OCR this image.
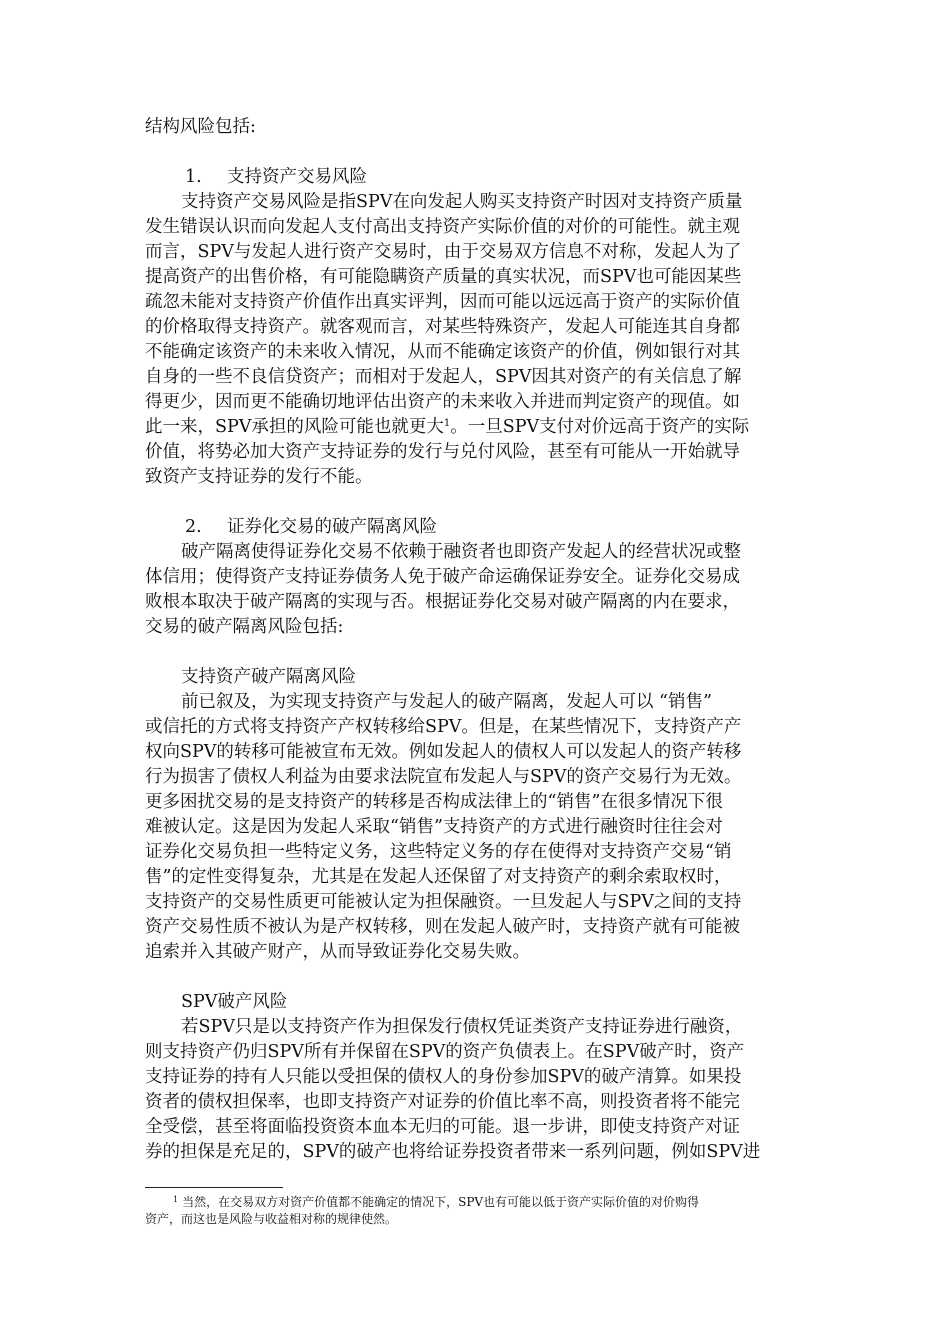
结构风险包括:
1. 支持资产交易风险
支持资产交易风险是指SPV在向发起人购买支持资产时因对支持资产质量
发生错误认识而向发起人支付高出支持资产实际价值的对价的可能性。就主观
而言，SPV与发起人进行资产交易时，由于交易双方信息不对称，发起人为了
提高资产的出售价格，有可能隐瞒资产质量的真实状况，而SPV也可能因某些
疏忽未能对支持资产价值作出真实评判，因而可能以远远高于资产的实际价值
的价格取得支持资产。就客观而言，对某些特殊资产，发起人可能连其自身都
不能确定该资产的未来收入情况，从而不能确定该资产的价值，例如银行对其
自身的一些不良信贷资产；而相对于发起人，SPV因其对资产的有关信息了解
得更少，因而更不能确切地评估出资产的未来收入并进而判定资产的现值。如
此一来，SPV承担的风险可能也就更大$^1$。一旦SPV支付对价远高于资产的实际
价值，将势必加大资产支持证券的发行与兑付风险，甚至有可能从一开始就导
致资产支持证券的发行不能。
2. 证券化交易的破产隔离风险
破产隔离使得证券化交易不依赖于融资者也即资产发起人的经营状况或整
体信用；使得资产支持证券债务人免于破产命运确保证券安全。证券化交易成
败根本取决于破产隔离的实现与否。根据证券化交易对破产隔离的内在要求，
交易的破产隔离风险包括:
支持资产破产隔离风险
前已叙及，为实现支持资产与发起人的破产隔离，发起人可以 “销售”
或信托的方式将支持资产产权转移给SPV。但是，在某些情况下，支持资产产
权向SPV的转移可能被宣布无效。例如发起人的债权人可以发起人的资产转移
行为损害了债权人利益为由要求法院宣布发起人与SPV的资产交易行为无效。
更多困扰交易的是支持资产的转移是否构成法律上的“销售”在很多情况下很
难被认定。这是因为发起人采取“销售”支持资产的方式进行融资时往往会对
证券化交易负担一些特定义务，这些特定义务的存在使得对支持资产交易“销
售”的定性变得复杂，尤其是在发起人还保留了对支持资产的剩余索取权时，
支持资产的交易性质更可能被认定为担保融资。一旦发起人与SPV之间的支持
资产交易性质不被认为是产权转移，则在发起人破产时，支持资产就有可能被
追索并入其破产财产，从而导致证券化交易失败。
SPV破产风险
若SPV只是以支持资产作为担保发行债权凭证类资产支持证券进行融资，
则支持资产仍归SPV所有并保留在SPV的资产负债表上。在SPV破产时，资产
支持证券的持有人只能以受担保的债权人的身份参加SPV的破产清算。如果投
资者的债权担保率，也即支持资产对证券的价值比率不高，则投资者将不能完
全受偿，甚至将面临投资资本血本无归的可能。退一步讲，即使支持资产对证
券的担保是充足的，SPV的破产也将给证券投资者带来一系列问题，例如SPV进
$^1$ 当然，在交易双方对资产价值都不能确定的情况下，SPV也有可能以低于资产实际价值的对价购得
资产，而这也是风险与收益相对称的规律使然。
